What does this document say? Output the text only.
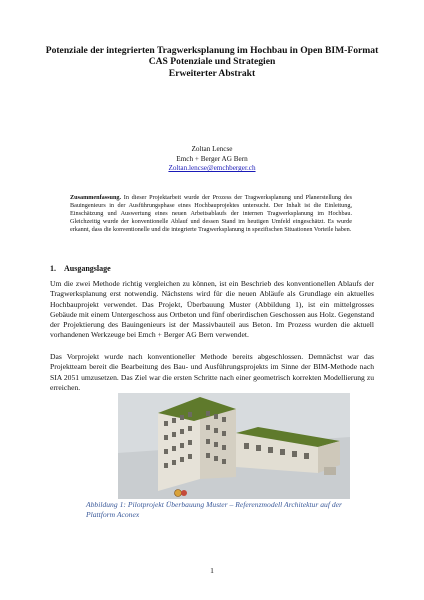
Potenziale der integrierten Tragwerksplanung im Hochbau in Open BIM-Format
CAS Potenziale und Strategien
Erweiterter Abstrakt
Zoltan Lencse
Emch + Berger AG Bern
Zoltan.lencse@emchberger.ch

Zusammenfassung. In dieser Projektarbeit wurde der Prozess der Tragwerksplanung und Planerstellung des Bauingenieurs in der Ausführungsphase eines Hochbauprojektes untersucht. Der Inhalt ist die Einleitung, Einschätzung und Auswertung eines neuen Arbeitsablaufs der internen Tragwerksplanung im Hochbau. Gleichzeitig wurde der konventionelle Ablauf und dessen Stand im heutigen Umfeld eingeschätzt. Es wurde erkannt, dass die konventionelle und die integrierte Tragwerksplanung in spezifischen Situationen Vorteile haben.

1. Ausgangslage

Um die zwei Methode richtig vergleichen zu können, ist ein Beschrieb des konventionellen Ablaufs der Tragwerksplanung erst notwendig. Nächstens wird für die neuen Abläufe als Grundlage ein aktuelles Hochbauprojekt verwendet. Das Projekt, Überbauung Muster (Abbildung 1), ist ein mittelgrosses Gebäude mit einem Untergeschoss aus Ortbeton und fünf oberirdischen Geschossen aus Holz. Gegenstand der Projektierung des Bauingenieurs ist der Massivbauteil aus Beton. Im Prozess wurden die aktuell vorhandenen Werkzeuge bei Emch + Berger AG Bern verwendet.

Das Vorprojekt wurde nach konventioneller Methode bereits abgeschlossen. Demnächst war das Projektteam bereit die Bearbeitung des Bau- und Ausführungsprojekts im Sinne der BIM-Methode nach SIA 2051 umzusetzen. Das Ziel war die ersten Schritte nach einer geometrisch korrekten Modellierung zu erreichen.

Abbildung 1: Pilotprojekt Überbauung Muster – Referenzmodell Architektur auf der Plattform Aconex

1
